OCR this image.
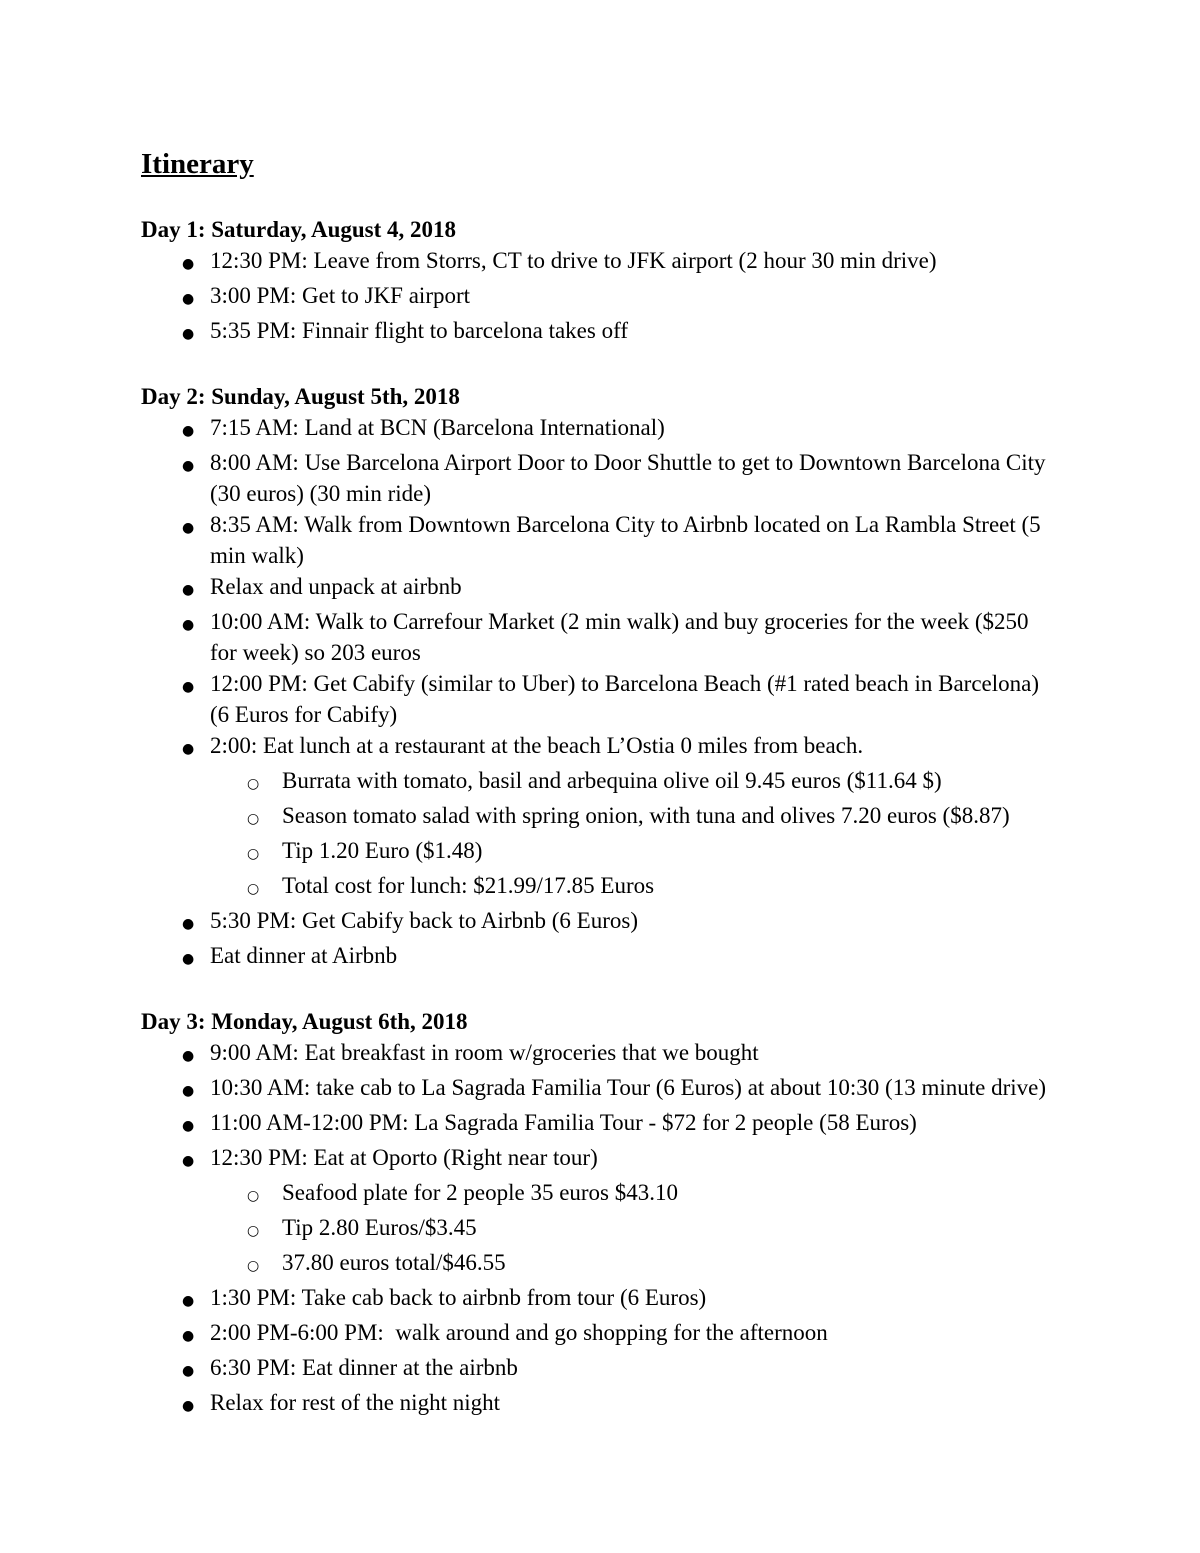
Itinerary
Day 1: Saturday, August 4, 2018
● 12:30 PM: Leave from Storrs, CT to drive to JFK airport (2 hour 30 min drive)
● 3:00 PM: Get to JKF airport
● 5:35 PM: Finnair flight to barcelona takes off
Day 2: Sunday, August 5th, 2018
● 7:15 AM: Land at BCN (Barcelona International)
● 8:00 AM: Use Barcelona Airport Door to Door Shuttle to get to Downtown Barcelona City (30 euros) (30 min ride)
● 8:35 AM: Walk from Downtown Barcelona City to Airbnb located on La Rambla Street (5 min walk)
● Relax and unpack at airbnb
● 10:00 AM: Walk to Carrefour Market (2 min walk) and buy groceries for the week ($250 for week) so 203 euros
● 12:00 PM: Get Cabify (similar to Uber) to Barcelona Beach (#1 rated beach in Barcelona) (6 Euros for Cabify)
● 2:00: Eat lunch at a restaurant at the beach L’Ostia 0 miles from beach.
○ Burrata with tomato, basil and arbequina olive oil 9.45 euros ($11.64 $)
○ Season tomato salad with spring onion, with tuna and olives 7.20 euros ($8.87)
○ Tip 1.20 Euro ($1.48)
○ Total cost for lunch: $21.99/17.85 Euros
● 5:30 PM: Get Cabify back to Airbnb (6 Euros)
● Eat dinner at Airbnb
Day 3: Monday, August 6th, 2018
● 9:00 AM: Eat breakfast in room w/groceries that we bought
● 10:30 AM: take cab to La Sagrada Familia Tour (6 Euros) at about 10:30 (13 minute drive)
● 11:00 AM-12:00 PM: La Sagrada Familia Tour - $72 for 2 people (58 Euros)
● 12:30 PM: Eat at Oporto (Right near tour)
○ Seafood plate for 2 people 35 euros $43.10
○ Tip 2.80 Euros/$3.45
○ 37.80 euros total/$46.55
● 1:30 PM: Take cab back to airbnb from tour (6 Euros)
● 2:00 PM-6:00 PM:  walk around and go shopping for the afternoon
● 6:30 PM: Eat dinner at the airbnb
● Relax for rest of the night night
